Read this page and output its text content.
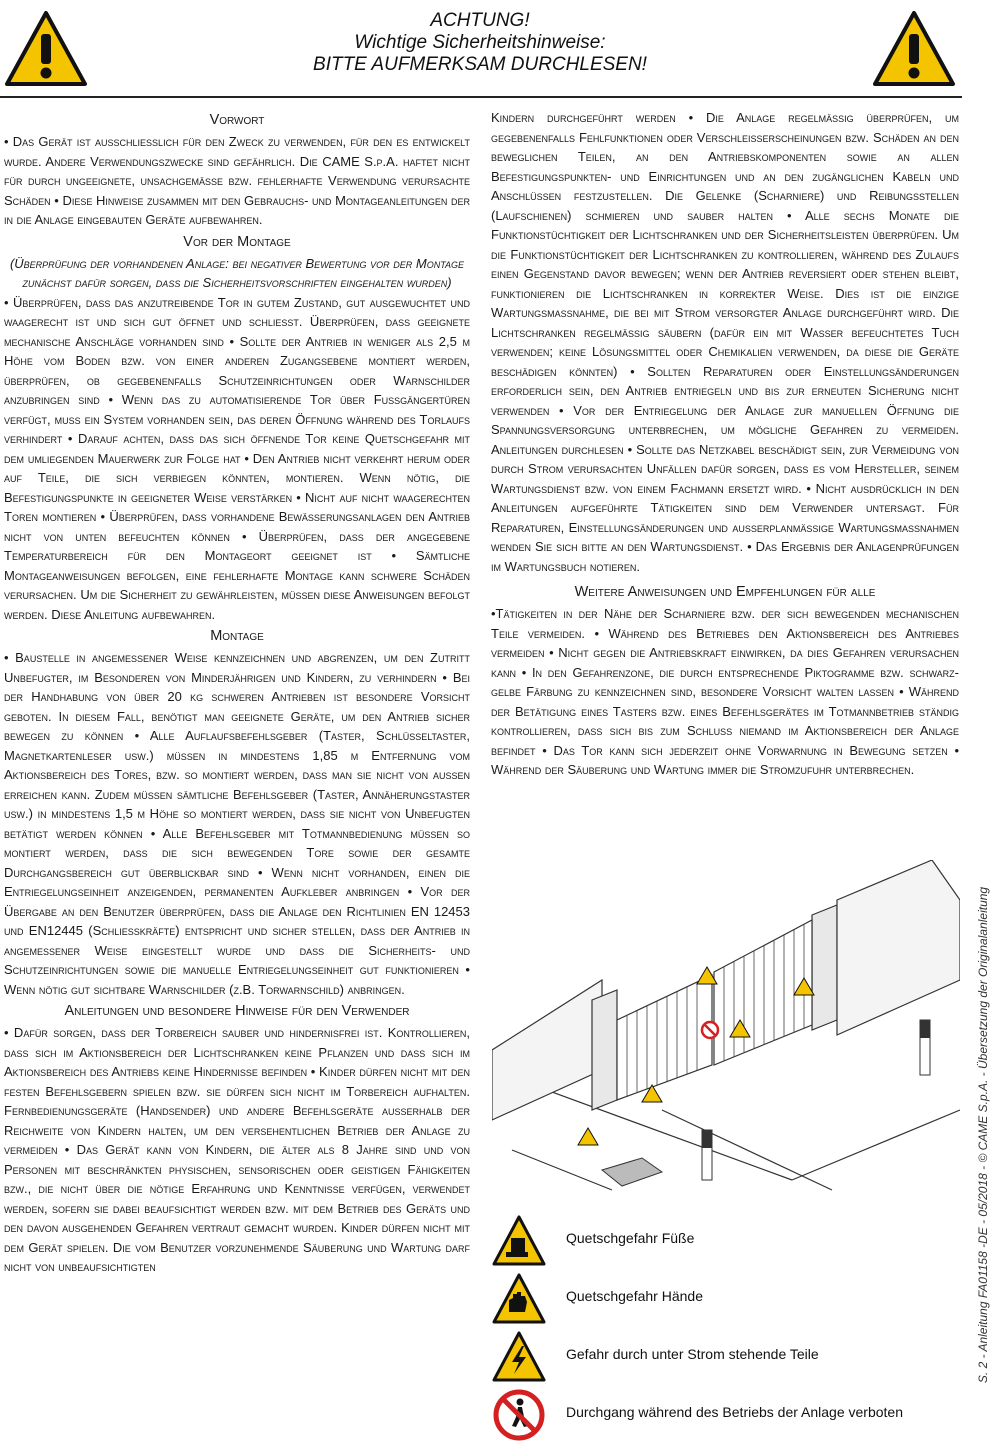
ACHTUNG!
Wichtige Sicherheitshinweise:
BITTE AUFMERKSAM DURCHLESEN!
Vorwort

• Das Gerät ist ausschliesslich für den Zweck zu verwenden, für den es entwickelt wurde. Andere Verwendungszwecke sind gefährlich. Die CAME S.p.A. haftet nicht für durch ungeeignete, unsachgemässe bzw. fehlerhafte Verwendung verursachte Schäden • Diese Hinweise zusammen mit den Gebrauchs- und Montageanleitungen der in die Anlage eingebauten Geräte aufbewahren.

Vor der Montage

(Überprüfung der vorhandenen Anlage: bei negativer Bewertung vor der Montage zunächst dafür sorgen, dass die Sicherheitsvorschriften eingehalten wurden)

• Überprüfen, dass das anzutreibende Tor in gutem Zustand, gut ausgewuchtet und waagerecht ist und sich gut öffnet und schliesst. Überprüfen, dass geeignete mechanische Anschläge vorhanden sind • Sollte der Antrieb in weniger als 2,5 m Höhe vom Boden bzw. von einer anderen Zugangsebene montiert werden, überprüfen, ob gegebenenfalls Schutzeinrichtungen oder Warnschilder anzubringen sind • Wenn das zu automatisierende Tor über Fussgängertüren verfügt, muss ein System vorhanden sein, das deren Öffnung während des Torlaufs verhindert • Darauf achten, dass das sich öffnende Tor keine Quetschgefahr mit dem umliegenden Mauerwerk zur Folge hat • Den Antrieb nicht verkehrt herum oder auf Teile, die sich verbiegen könnten, montieren. Wenn nötig, die Befestigungspunkte in geeigneter Weise verstärken • Nicht auf nicht waagerechten Toren montieren • Überprüfen, dass vorhandene Bewässerungsanlagen den Antrieb nicht von unten befeuchten können • Überprüfen, dass der angegebene Temperaturbereich für den Montageort geeignet ist • Sämtliche Montageanweisungen befolgen, eine fehlerhafte Montage kann schwere Schäden verursachen. Um die Sicherheit zu gewährleisten, müssen diese Anweisungen befolgt werden. Diese Anleitung aufbewahren.

Montage

• Baustelle in angemessener Weise kennzeichnen und abgrenzen, um den Zutritt Unbefugter, im Besonderen von Minderjährigen und Kindern, zu verhindern • Bei der Handhabung von über 20 kg schweren Antrieben ist besondere Vorsicht geboten. In diesem Fall, benötigt man geeignete Geräte, um den Antrieb sicher bewegen zu können • Alle Auflaufsbefehlsgeber (Taster, Schlüsseltaster, Magnetkartenleser usw.) müssen in mindestens 1,85 m Entfernung vom Aktionsbereich des Tores, bzw. so montiert werden, dass man sie nicht von aussen erreichen kann. Zudem müssen sämtliche Befehlsgeber (Taster, Annäherungstaster usw.) in mindestens 1,5 m Höhe so montiert werden, dass sie nicht von Unbefugten betätigt werden können • Alle Befehlsgeber mit Totmannbedienung müssen so montiert werden, dass die sich bewegenden Tore sowie der gesamte Durchgangsbereich gut überblickbar sind • Wenn nicht vorhanden, einen die Entriegelungseinheit anzeigenden, permanenten Aufkleber anbringen • Vor der Übergabe an den Benutzer überprüfen, dass die Anlage den Richtlinien EN 12453 und EN12445 (Schliesskräfte) entspricht und sicher stellen, dass der Antrieb in angemessener Weise eingestellt wurde und dass die Sicherheits- und Schutzeinrichtungen sowie die manuelle Entriegelungseinheit gut funktionieren • Wenn nötig gut sichtbare Warnschilder (z.B. Torwarnschild) anbringen.

Anleitungen und besondere Hinweise für den Verwender

• Dafür sorgen, dass der Torbereich sauber und hindernisfrei ist. Kontrollieren, dass sich im Aktionsbereich der Lichtschranken keine Pflanzen und dass sich im Aktionsbereich des Antriebs keine Hindernisse befinden • Kinder dürfen nicht mit den festen Befehlsgebern spielen bzw. sie dürfen sich nicht im Torbereich aufhalten. Fernbedienungsgeräte (Handsender) und andere Befehlsgeräte ausserhalb der Reichweite von Kindern halten, um den versehentlichen Betrieb der Anlage zu vermeiden • Das Gerät kann von Kindern, die älter als 8 Jahre sind und von Personen mit beschränkten physischen, sensorischen oder geistigen Fähigkeiten bzw., die nicht über die nötige Erfahrung und Kenntnisse verfügen, verwendet werden, sofern sie dabei beaufsichtigt werden bzw. mit dem Betrieb des Geräts und den davon ausgehenden Gefahren vertraut gemacht wurden. Kinder dürfen nicht mit dem Gerät spielen. Die vom Benutzer vorzunehmende Säuberung und Wartung darf nicht von unbeaufsichtigten

Kindern durchgeführt werden • Die Anlage regelmässig überprüfen, um gegebenenfalls Fehlfunktionen oder Verschleisserscheinungen bzw. Schäden an den beweglichen Teilen, an den Antriebskomponenten sowie an allen Befestigungspunkten- und Einrichtungen und an den zugänglichen Kabeln und Anschlüssen festzustellen. Die Gelenke (Scharniere) und Reibungsstellen (Laufschienen) schmieren und sauber halten • Alle sechs Monate die Funktionstüchtigkeit der Lichtschranken und der Sicherheitsleisten überprüfen. Um die Funktionstüchtigkeit der Lichtschranken zu kontrollieren, während des Zulaufs einen Gegenstand davor bewegen; wenn der Antrieb reversiert oder stehen bleibt, funktionieren die Lichtschranken in korrekter Weise. Dies ist die einzige Wartungsmassnahme, die bei mit Strom versorgter Anlage durchgeführt wird. Die Lichtschranken regelmässig säubern (dafür ein mit Wasser befeuchtetes Tuch verwenden; keine Lösungsmittel oder Chemikalien verwenden, da diese die Geräte beschädigen könnten) • Sollten Reparaturen oder Einstellungsänderungen erforderlich sein, den Antrieb entriegeln und bis zur erneuten Sicherung nicht verwenden • Vor der Entriegelung der Anlage zur manuellen Öffnung die Spannungsversorgung unterbrechen, um mögliche Gefahren zu vermeiden. Anleitungen durchlesen • Sollte das Netzkabel beschädigt sein, zur Vermeidung von durch Strom verursachten Unfällen dafür sorgen, dass es vom Hersteller, seinem Wartungsdienst bzw. von einem Fachmann ersetzt wird. • Nicht ausdrücklich in den Anleitungen aufgeführte Tätigkeiten sind dem Verwender untersagt. Für Reparaturen, Einstellungsänderungen und ausserplanmässige Wartungsmassnahmen wenden Sie sich bitte an den Wartungsdienst. • Das Ergebnis der Anlagenprüfungen im Wartungsbuch notieren.

Weitere Anweisungen und Empfehlungen für alle

•Tätigkeiten in der Nähe der Scharniere bzw. der sich bewegenden mechanischen Teile vermeiden. • Während des Betriebes den Aktionsbereich des Antriebes vermeiden • Nicht gegen die Antriebskraft einwirken, da dies Gefahren verursachen kann • In den Gefahrenzone, die durch entsprechende Piktogramme bzw. schwarz-gelbe Färbung zu kennzeichnen sind, besondere Vorsicht walten lassen • Während der Betätigung eines Tasters bzw. eines Befehlsgerätes im Totmannbetrieb ständig kontrollieren, dass sich bis zum Schluss niemand im Aktionsbereich der Anlage befindet • Das Tor kann sich jederzeit ohne Vorwarnung in Bewegung setzen • Während der Säuberung und Wartung immer die Stromzufuhr unterbrechen.

Quetschgefahr Füße
Quetschgefahr Hände
Gefahr durch unter Strom stehende Teile
Durchgang während des Betriebs der Anlage verboten
S. 2 - Anleitung FA01158 -DE - 05/2018 - © CAME S.p.A. - Übersetzung der Originalanleitung
